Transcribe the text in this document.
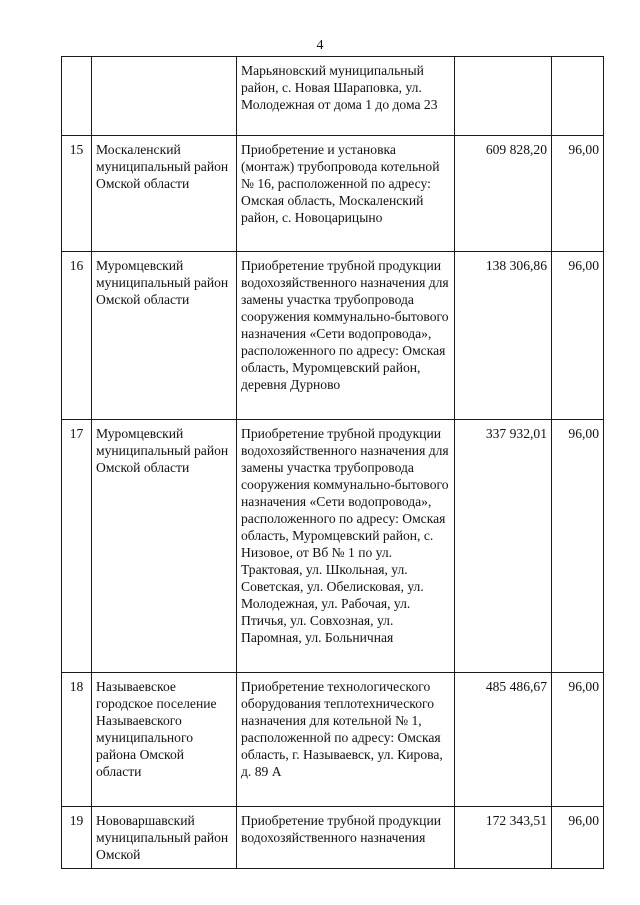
4
		Марьяновский муниципальный район, с. Новая Шараповка, ул. Молодежная от дома 1 до дома 23		
15	Москаленский муниципальный район Омской области	Приобретение и установка (монтаж) трубопровода котельной № 16, расположенной по адресу: Омская область, Москаленский район, с. Новоцарицыно	609 828,20	96,00
16	Муромцевский муниципальный район Омской области	Приобретение трубной продукции водохозяйственного назначения для замены участка трубопровода сооружения коммунально-бытового назначения «Сети водопровода», расположенного по адресу: Омская область, Муромцевский район, деревня Дурново	138 306,86	96,00
17	Муромцевский муниципальный район Омской области	Приобретение трубной продукции водохозяйственного назначения для замены участка трубопровода сооружения коммунально-бытового назначения «Сети водопровода», расположенного по адресу: Омская область, Муромцевский район, с. Низовое, от Вб № 1 по ул. Трактовая, ул. Школьная, ул. Советская, ул. Обелисковая, ул. Молодежная, ул. Рабочая, ул. Птичья, ул. Совхозная, ул. Паромная, ул. Больничная	337 932,01	96,00
18	Называевское городское поселение Называевского муниципального района Омской области	Приобретение технологического оборудования теплотехнического назначения для котельной № 1, расположенной по адресу: Омская область, г. Называевск, ул. Кирова, д. 89 А	485 486,67	96,00
19	Нововаршавский муниципальный район Омской	Приобретение трубной продукции водохозяйственного назначения	172 343,51	96,00
